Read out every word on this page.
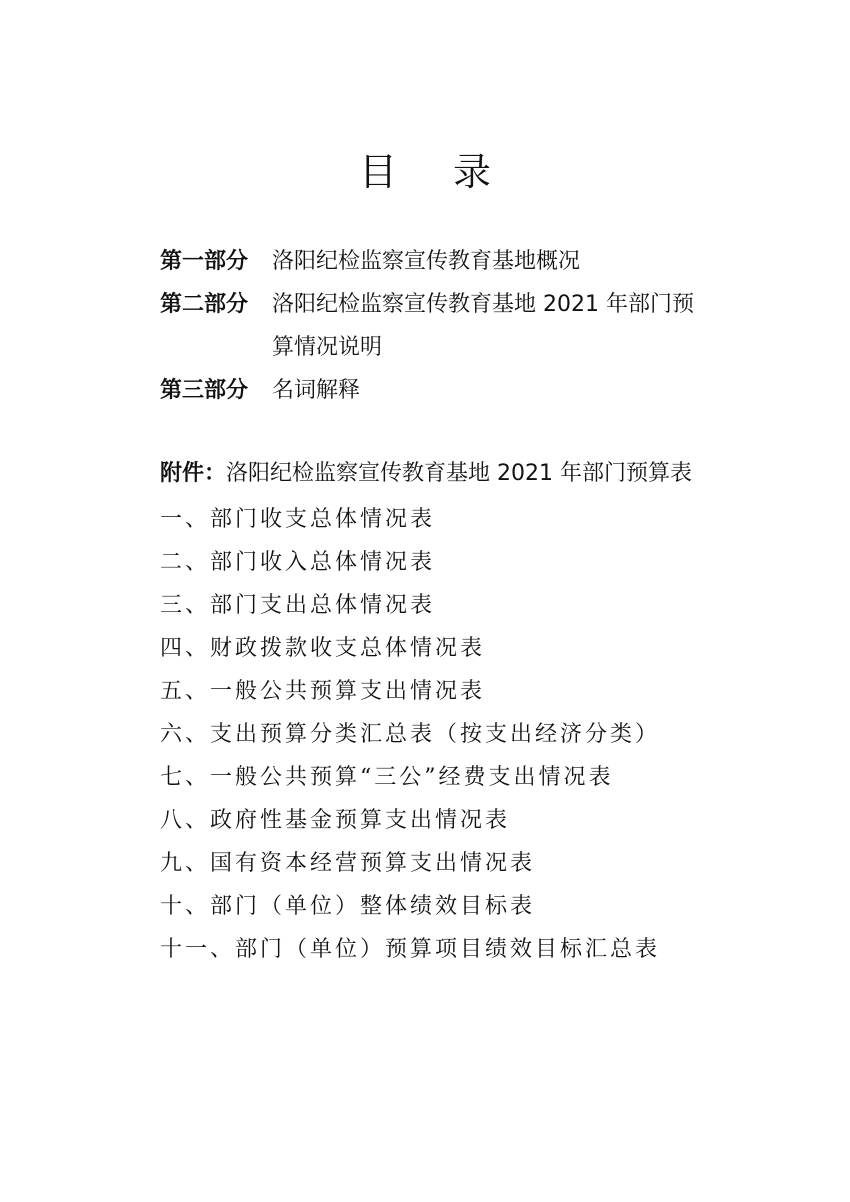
目 录
第一部分 洛阳纪检监察宣传教育基地概况
第二部分 洛阳纪检监察宣传教育基地 2021 年部门预
算情况说明
第三部分 名词解释
附件：洛阳纪检监察宣传教育基地 2021 年部门预算表
一、部门收支总体情况表
二、部门收入总体情况表
三、部门支出总体情况表
四、财政拨款收支总体情况表
五、一般公共预算支出情况表
六、支出预算分类汇总表（按支出经济分类）
七、一般公共预算“三公”经费支出情况表
八、政府性基金预算支出情况表
九、国有资本经营预算支出情况表
十、部门（单位）整体绩效目标表
十一、部门（单位）预算项目绩效目标汇总表
